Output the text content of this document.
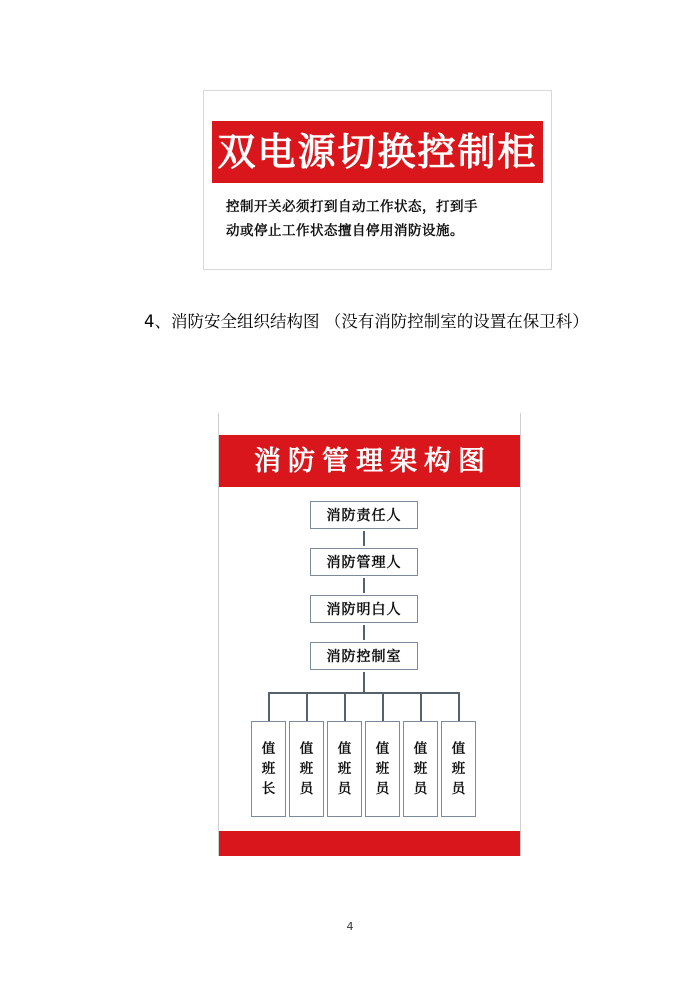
双电源切换控制柜
控制开关必须打到自动工作状态，打到手
动或停止工作状态擅自停用消防设施。
4、消防安全组织结构图 （没有消防控制室的设置在保卫科）
消防管理架构图
消防责任人
消防管理人
消防明白人
消防控制室
值
班
长
值
班
员
值
班
员
值
班
员
值
班
员
值
班
员
4
